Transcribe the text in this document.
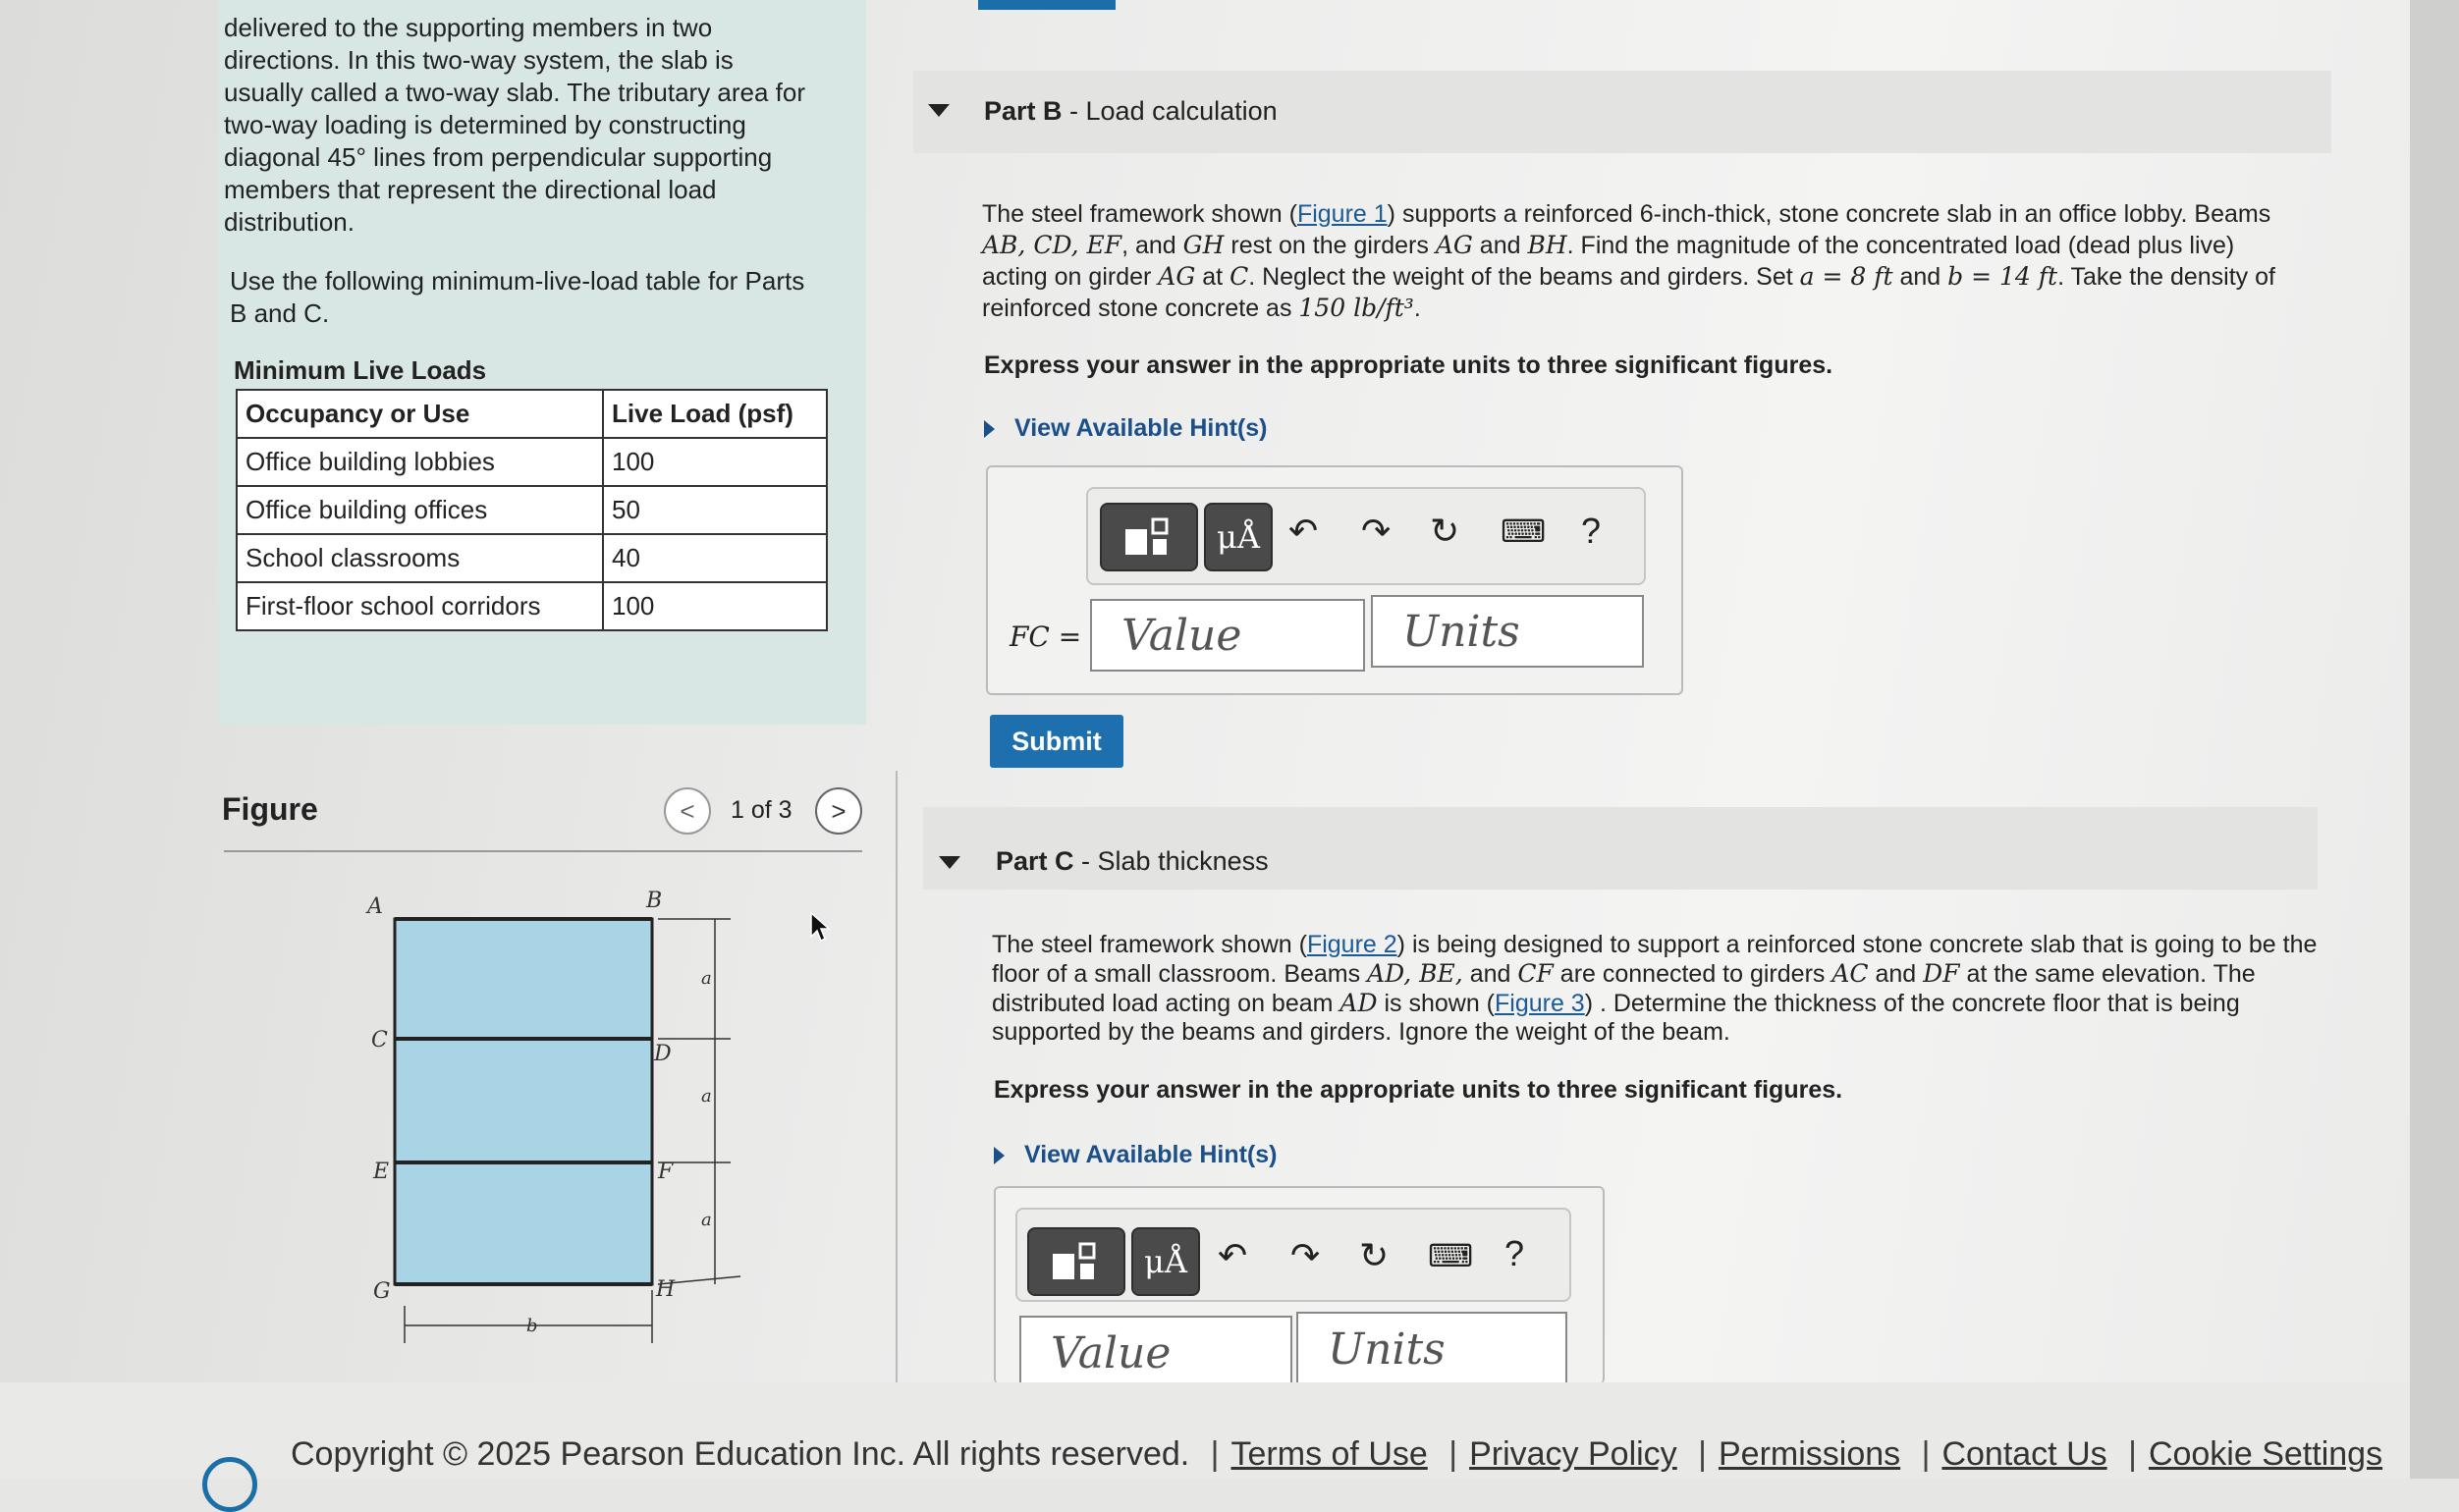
delivered to the supporting members in two
directions. In this two-way system, the slab is
usually called a two-way slab. The tributary area for
two-way loading is determined by constructing
diagonal 45° lines from perpendicular supporting
members that represent the directional load
distribution.
Use the following minimum-live-load table for Parts
B and C.
Minimum Live Loads
Occupancy or Use	Live Load (psf)
Office building lobbies	100
Office building offices	50
School classrooms	40
First-floor school corridors	100
Figure	< 1 of 3 >
A	B
C
D
E	F
G	H
a
a
a
b
Part B - Load calculation
The steel framework shown (Figure 1) supports a reinforced 6-inch-thick, stone concrete slab in an office lobby. Beams
AB, CD, EF, and GH rest on the girders AG and BH. Find the magnitude of the concentrated load (dead plus live)
acting on girder AG at C. Neglect the weight of the beams and girders. Set a = 8 ft and b = 14 ft. Take the density of
reinforced stone concrete as 150 lb/ft³.
Express your answer in the appropriate units to three significant figures.
View Available Hint(s)
μÅ ↶ ↷ ↻ ⌨ ?
FC = Value	Units
Submit
Part C - Slab thickness
The steel framework shown (Figure 2) is being designed to support a reinforced stone concrete slab that is going to be the
floor of a small classroom. Beams AD, BE, and CF are connected to girders AC and DF at the same elevation. The
distributed load acting on beam AD is shown (Figure 3) . Determine the thickness of the concrete floor that is being
supported by the beams and girders. Ignore the weight of the beam.
Express your answer in the appropriate units to three significant figures.
View Available Hint(s)
μÅ ↶ ↷ ↻ ⌨ ?
Value	Units
Copyright © 2025 Pearson Education Inc. All rights reserved. | Terms of Use | Privacy Policy | Permissions | Contact Us | Cookie Settings
